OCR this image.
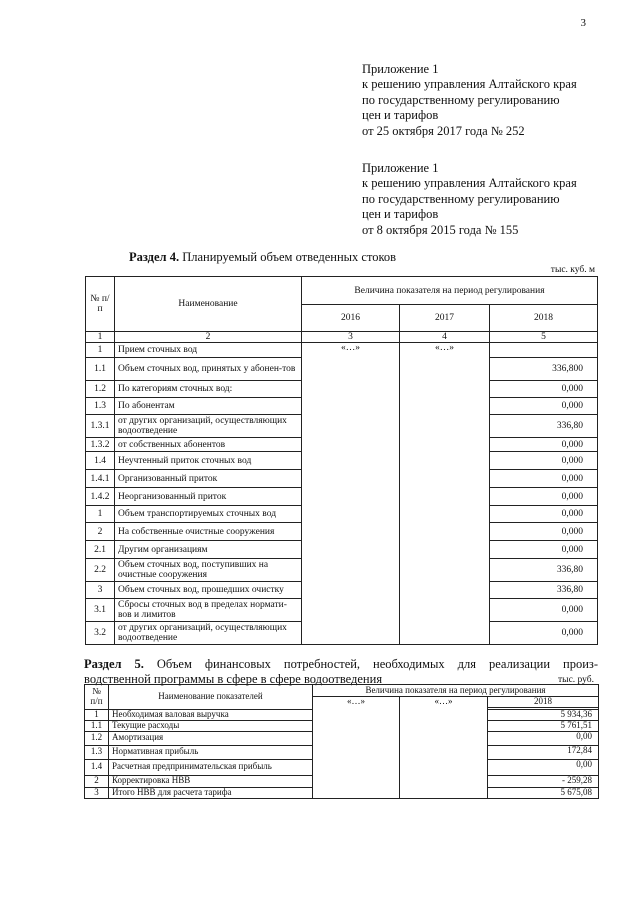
3
Приложение 1
к решению управления Алтайского края
по государственному регулированию
цен и тарифов
от 25 октября 2017 года № 252
Приложение 1
к решению управления Алтайского края
по государственному регулированию
цен и тарифов
от 8 октября 2015 года № 155
Раздел 4. Планируемый объем отведенных стоков
тыс. куб. м
№ п/п	Наименование	Величина показателя на период регулирования		
		2016	2017	2018
1	2	3	4	5
1	Прием сточных вод	«…»	«…»	
1.1	Объем сточных вод, принятых у абонен-тов			336,800
1.2	По категориям сточных вод:			0,000
1.3	По абонентам			0,000
1.3.1	от других организаций, осуществляющих водоотведение			336,80
1.3.2	от собственных абонентов			0,000
1.4	Неучтенный приток сточных вод			0,000
1.4.1	Организованный приток			0,000
1.4.2	Неорганизованный приток			0,000
1	Объем транспортируемых сточных вод			0,000
2	На собственные очистные сооружения			0,000
2.1	Другим организациям			0,000
2.2	Объем сточных вод, поступивших на очистные сооружения			336,80
3	Объем сточных вод, прошедших очистку			336,80
3.1	Сбросы сточных вод в пределах нормати-вов и лимитов			0,000
3.2	от других организаций, осуществляющих водоотведение			0,000
Раздел 5. Объем финансовых потребностей, необходимых для реализации произ-
водственной программы в сфере в сфере водоотведения	тыс. руб.
№ п/п	Наименование показателей	Величина показателя на период регулирования		
		«…»	«…»	2018

1	Необходимая валовая выручка			5 934,36
1.1	Текущие расходы			5 761,51
1.2	Амортизация			0,00
1.3	Нормативная прибыль			172,84
1.4	Расчетная предпринимательская прибыль			0,00
2	Корректировка НВВ			- 259,28
3	Итого НВВ для расчета тарифа			5 675,08
